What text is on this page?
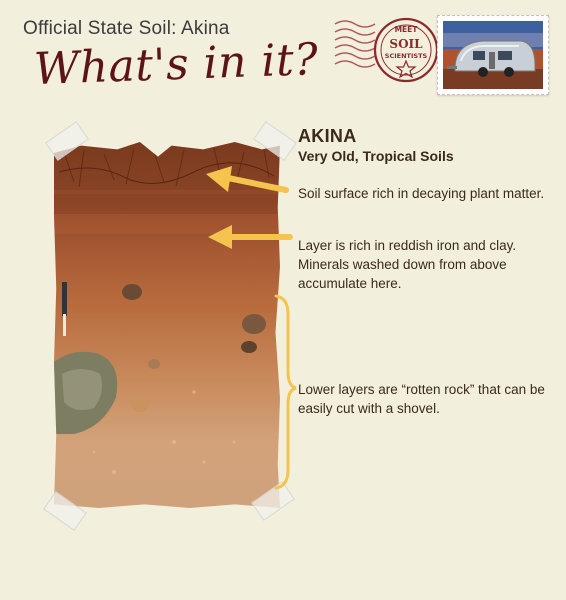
Official State Soil: Akina
What's in it?
MEET
SOIL
SCIENTISTS
AKINA
Very Old, Tropical Soils
Soil surface rich in decaying plant matter.
Layer is rich in reddish iron and clay. Minerals washed down from above accumulate here.
Lower layers are “rotten rock” that can be easily cut with a shovel.
